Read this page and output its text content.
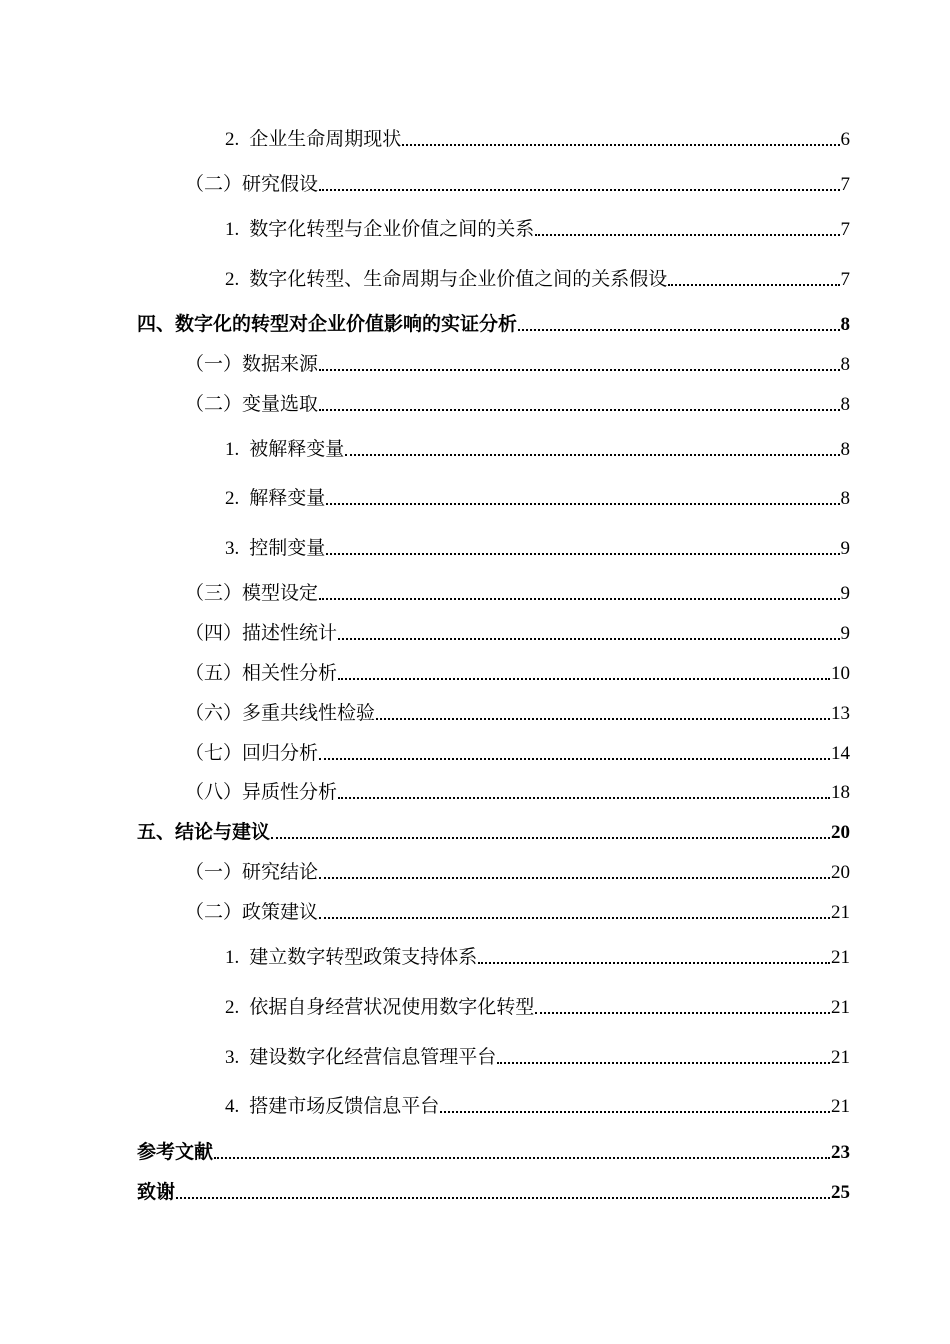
2. 企业生命周期现状	6
（二）研究假设	7
1. 数字化转型与企业价值之间的关系	7
2. 数字化转型、生命周期与企业价值之间的关系假设	7
四、数字化的转型对企业价值影响的实证分析	8
（一）数据来源	8
（二）变量选取	8
1. 被解释变量	8
2. 解释变量	8
3. 控制变量	9
（三）模型设定	9
（四）描述性统计	9
（五）相关性分析	10
（六）多重共线性检验	13
（七）回归分析	14
（八）异质性分析	18
五、结论与建议	20
（一）研究结论	20
（二）政策建议	21
1. 建立数字转型政策支持体系	21
2. 依据自身经营状况使用数字化转型	21
3. 建设数字化经营信息管理平台	21
4. 搭建市场反馈信息平台	21
参考文献	23
致谢	25
